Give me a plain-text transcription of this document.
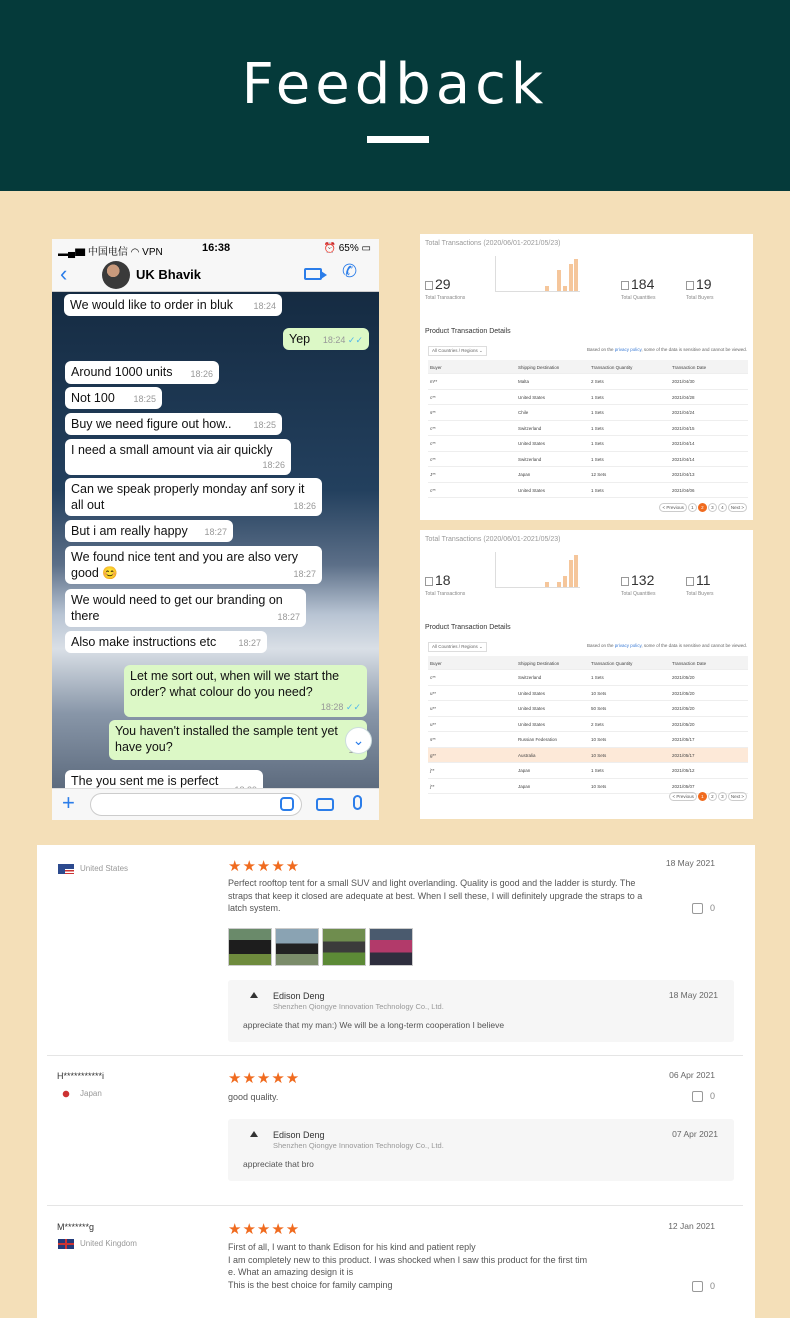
Feedback
▂▄▆ 中国电信 ◠ VPN	16:38	⏰ 65% ▭
‹	UK Bhavik	✆
We would like to order in bluk 18:24
Yep 18:24 ✓✓
Around 1000 units 18:26
Not 100 18:25
Buy we need figure out how.. 18:25
I need a small amount via air quickly
18:26
Can we speak properly monday anf sory it all out	18:26
But i am really happy 18:27
We found nice tent and you are also very good 😊	18:27
We would need to get our branding on there	18:27
Also make instructions etc 18:27
Let me sort out, when will we start the order? what colour do you need?
18:28 ✓✓
You haven't installed the sample tent yet have you?
The you sent me is perfect
⌄
+
Total Transactions (2020/06/01-2021/05/23)
29
Total Transactions
184
Total Quantities
19
Total Buyers
Product Transaction Details
All Countries / Regions ⌄	Based on the privacy policy, some of the data is sensitive and cannot be viewed.
Buyer	Shipping Destination	Transaction Quantity	Transaction Date
m**	Malta	2 Sets	2021/04/30
c**	United States	1 Sets	2021/04/28
s**	Chile	1 Sets	2021/04/24
c**	Switzerland	1 Sets	2021/04/15
c**	United States	1 Sets	2021/04/14
c**	Switzerland	1 Sets	2021/04/14
J**	Japan	12 Sets	2021/04/13
c**	United States	1 Sets	2021/04/06
< Previous 1 2 3 4 Next >
Total Transactions (2020/06/01-2021/05/23)
18
Total Transactions
132
Total Quantities
11
Total Buyers
Product Transaction Details
All Countries / Regions ⌄	Based on the privacy policy, some of the data is sensitive and cannot be viewed.
Buyer	Shipping Destination	Transaction Quantity	Transaction Date
c**	Switzerland	1 Sets	2021/05/20
u**	United States	10 Sets	2021/05/20
u**	United States	50 Sets	2021/05/20
u**	United States	2 Sets	2021/05/20
s**	Russian Federation	10 Sets	2021/05/17
g**	Australia	10 Sets	2021/05/17
j**	Japan	1 Sets	2021/05/12
j**	Japan	10 Sets	2021/05/07
< Previous 1 2 3 Next >
United States	★★★★★	18 May 2021
Perfect rooftop tent for a small SUV and light overlanding. Quality is good and the ladder is sturdy. The straps that keep it closed are adequate at best. When I sell these, I will definitely upgrade the straps to a latch system.	0
Edison Deng
Shenzhen Qiongye Innovation Technology Co., Ltd.
18 May 2021
appreciate that my man:) We will be a long-term cooperation I believe
H***********i
Japan
★★★★★	06 Apr 2021
good quality.	0
Edison Deng
Shenzhen Qiongye Innovation Technology Co., Ltd.
07 Apr 2021
appreciate that bro
M*******g
United Kingdom
★★★★★	12 Jan 2021
First of all, I want to thank Edison for his kind and patient reply
I am completely new to this product. I was shocked when I saw this product for the first tim
e. What an amazing design it is
This is the best choice for family camping	0
